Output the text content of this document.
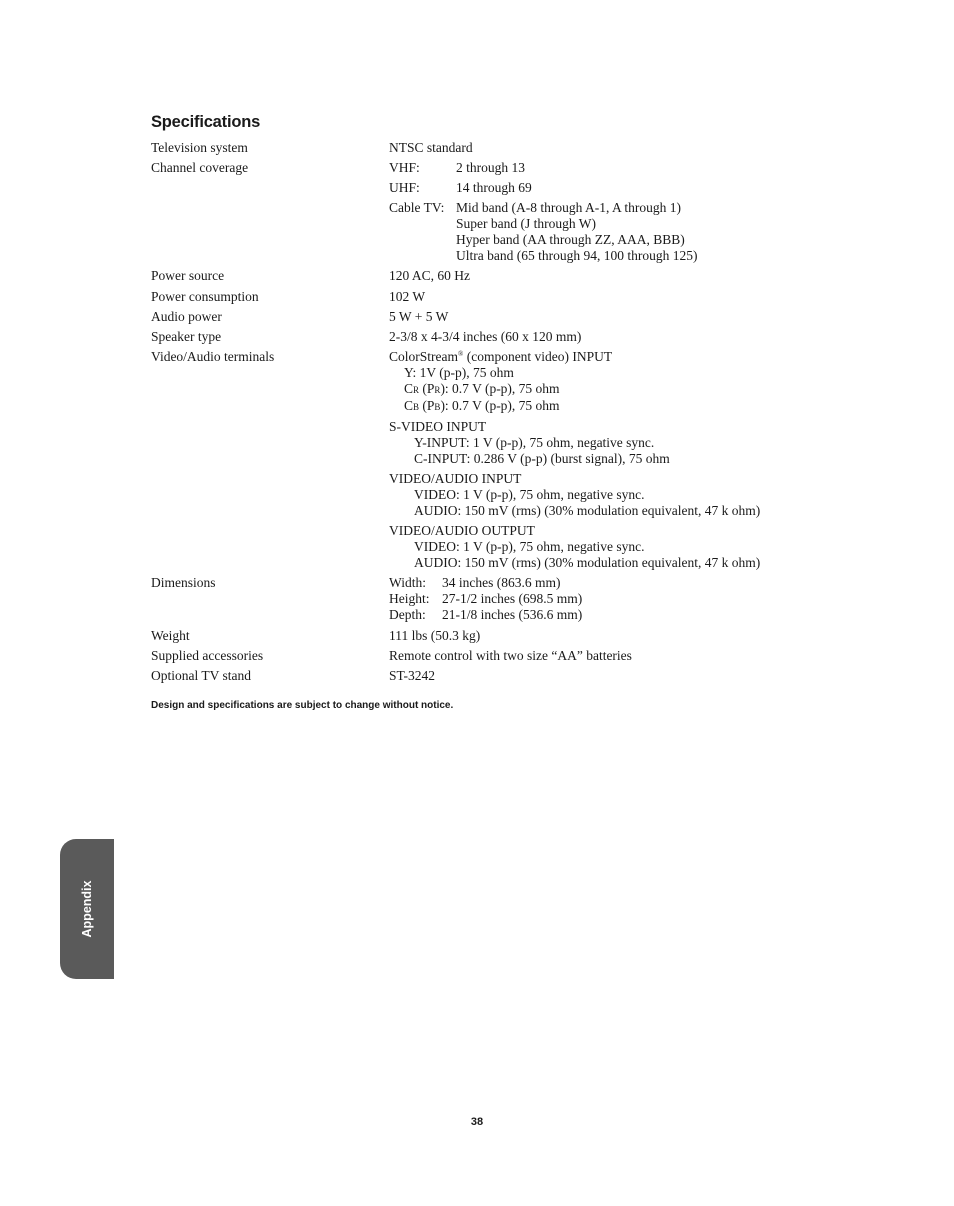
Specifications
Television system	NTSC standard
Channel coverage	VHF:	2 through 13
UHF:	14 through 69
Cable TV: Mid band (A-8 through A-1, A through 1)
Super band (J through W)
Hyper band (AA through ZZ, AAA, BBB)
Ultra band (65 through 94, 100 through 125)
Power source	120 AC, 60 Hz
Power consumption	102 W
Audio power	5 W + 5 W
Speaker type	2-3/8 x 4-3/4 inches (60 x 120 mm)
Video/Audio terminals	ColorStream® (component video) INPUT
Y: 1V (p-p), 75 ohm
CR (PR): 0.7 V (p-p), 75 ohm
CB (PB): 0.7 V (p-p), 75 ohm
S-VIDEO INPUT
Y-INPUT: 1 V (p-p), 75 ohm, negative sync.
C-INPUT: 0.286 V (p-p) (burst signal), 75 ohm
VIDEO/AUDIO INPUT
VIDEO: 1 V (p-p), 75 ohm, negative sync.
AUDIO: 150 mV (rms) (30% modulation equivalent, 47 k ohm)
VIDEO/AUDIO OUTPUT
VIDEO: 1 V (p-p), 75 ohm, negative sync.
AUDIO: 150 mV (rms) (30% modulation equivalent, 47 k ohm)
Dimensions	Width:	34 inches (863.6 mm)
Height: 27-1/2 inches (698.5 mm)
Depth:	21-1/8 inches (536.6 mm)
Weight	111 lbs (50.3 kg)
Supplied accessories	Remote control with two size “AA” batteries
Optional TV stand	ST-3242

Design and specifications are subject to change without notice.

Appendix

38
